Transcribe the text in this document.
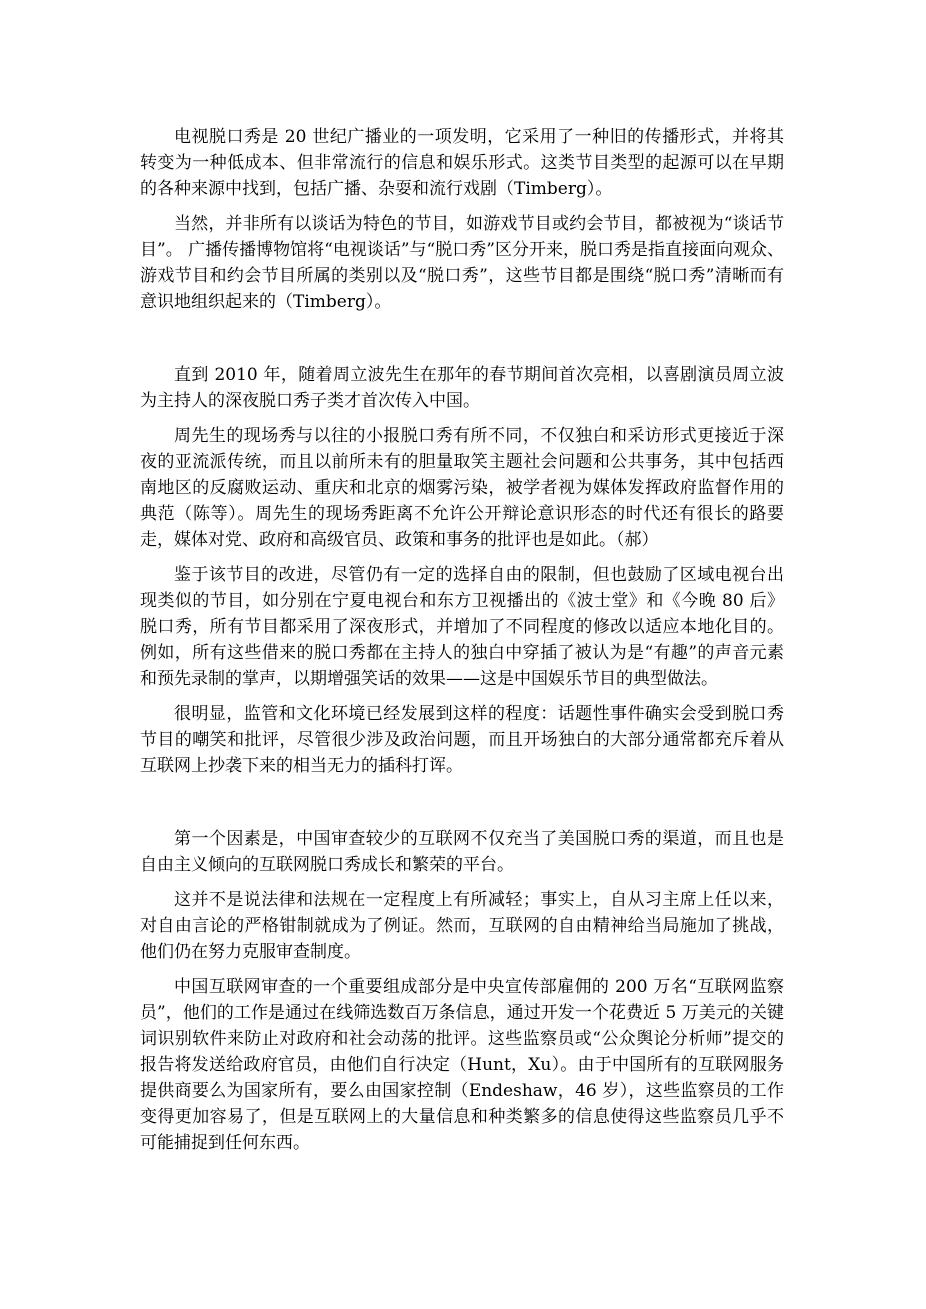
电视脱口秀是 20 世纪广播业的一项发明，它采用了一种旧的传播形式，并将其转变为一种低成本、但非常流行的信息和娱乐形式。这类节目类型的起源可以在早期的各种来源中找到，包括广播、杂耍和流行戏剧（Timberg）。

当然，并非所有以谈话为特色的节目，如游戏节目或约会节目，都被视为“谈话节目”。 广播传播博物馆将“电视谈话”与“脱口秀”区分开来，脱口秀是指直接面向观众、游戏节目和约会节目所属的类别以及“脱口秀”，这些节目都是围绕“脱口秀”清晰而有意识地组织起来的（Timberg）。

直到 2010 年，随着周立波先生在那年的春节期间首次亮相，以喜剧演员周立波为主持人的深夜脱口秀子类才首次传入中国。

周先生的现场秀与以往的小报脱口秀有所不同，不仅独白和采访形式更接近于深夜的亚流派传统，而且以前所未有的胆量取笑主题社会问题和公共事务，其中包括西南地区的反腐败运动、重庆和北京的烟雾污染，被学者视为媒体发挥政府监督作用的典范（陈等）。周先生的现场秀距离不允许公开辩论意识形态的时代还有很长的路要走，媒体对党、政府和高级官员、政策和事务的批评也是如此。（郝）

鉴于该节目的改进，尽管仍有一定的选择自由的限制，但也鼓励了区域电视台出现类似的节目，如分别在宁夏电视台和东方卫视播出的《波士堂》和《今晚 80 后》脱口秀，所有节目都采用了深夜形式，并增加了不同程度的修改以适应本地化目的。例如，所有这些借来的脱口秀都在主持人的独白中穿插了被认为是“有趣”的声音元素和预先录制的掌声，以期增强笑话的效果——这是中国娱乐节目的典型做法。

很明显，监管和文化环境已经发展到这样的程度：话题性事件确实会受到脱口秀节目的嘲笑和批评，尽管很少涉及政治问题，而且开场独白的大部分通常都充斥着从互联网上抄袭下来的相当无力的插科打诨。

第一个因素是，中国审查较少的互联网不仅充当了美国脱口秀的渠道，而且也是自由主义倾向的互联网脱口秀成长和繁荣的平台。

这并不是说法律和法规在一定程度上有所减轻；事实上，自从习主席上任以来，对自由言论的严格钳制就成为了例证。然而，互联网的自由精神给当局施加了挑战，他们仍在努力克服审查制度。

中国互联网审查的一个重要组成部分是中央宣传部雇佣的 200 万名“互联网监察员”，他们的工作是通过在线筛选数百万条信息，通过开发一个花费近 5 万美元的关键词识别软件来防止对政府和社会动荡的批评。这些监察员或“公众舆论分析师”提交的报告将发送给政府官员，由他们自行决定（Hunt，Xu）。由于中国所有的互联网服务提供商要么为国家所有，要么由国家控制（Endeshaw，46 岁），这些监察员的工作变得更加容易了，但是互联网上的大量信息和种类繁多的信息使得这些监察员几乎不可能捕捉到任何东西。
